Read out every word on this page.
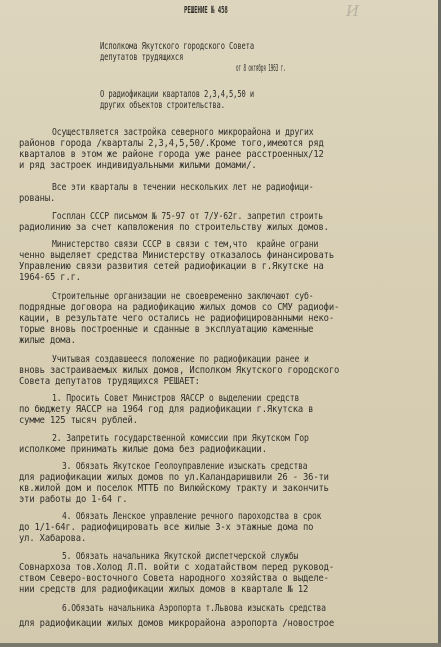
РЕШЕНИЕ № 458	И

Исполкома Якутского городского Совета

депутатов трудящихся

от 8 октября 1963 г.

О радиофикации кварталов 2,3,4,5,50 и

других объектов строительства.

Осуществляется застройка северного микрорайона и других

районов города /кварталы 2,3,4,5,50/.Кроме того,имеются ряд

кварталов в этом же районе города уже ранее расстроенных/12

и ряд застроек индивидуальными жилыми домами/.

Все эти кварталы в течении нескольких лет не радиофици-

рованы.

Госплан СССР письмом № 75-97 от 7/У-62г. запретил строить

радиолинию за счет капвложения по строительству жилых домов.

Министерство связи СССР в связи с тем,что  крайне ограни

ченно выделяет средства Министерству отказалось финансировать

Управлению связи развития сетей радиофикации в г.Якутске на

1964-65 г.г.

Строительные организации не своевременно заключают суб-

подрядные договора на радиофикацию жилых домов со СМУ радиофи-

кации, в результате чего остались не радиофицированными неко-

торые вновь построенные и сданные в эксплуатацию каменные

жилые дома.

Учитывая создавшееся положение по радиофикации ранее и

вновь застраиваемых жилых домов, Исполком Якутского городского

Совета депутатов трудящихся РЕШАЕТ:

1. Просить Совет Министров ЯАССР о выделении средств

по бюджету ЯАССР на 1964 год для радиофикации г.Якутска в

сумме 125 тысяч рублей.

2. Запретить государственной комиссии при Якутском Гор

исполкоме принимать жилые дома без радиофикации.

3. Обязать Якутское Геолоуправление изыскать средства

для радиофикации жилых домов по ул.Каландаришвили 26 - 36-ти

кв.жилой дом и поселок МТТБ по Вилюйскому тракту и закончить

эти работы до 1-64 г.

4. Обязать Ленское управление речного пароходства в срок

до 1/1-64г. радиофицировать все жилые 3-х этажные дома по

ул. Хабарова.

5. Обязать начальника Якутской диспетчерской службы

Совнархоза тов.Холод Л.П. войти с ходатайством перед руковод-

ством Северо-восточного Совета народного хозяйства о выделе-

нии средств для радиофикации жилых домов в квартале № 12

6.Обязать начальника Аэропорта т.Львова изыскать средства

для радиофикации жилых домов микрорайона аэропорта /новострое
